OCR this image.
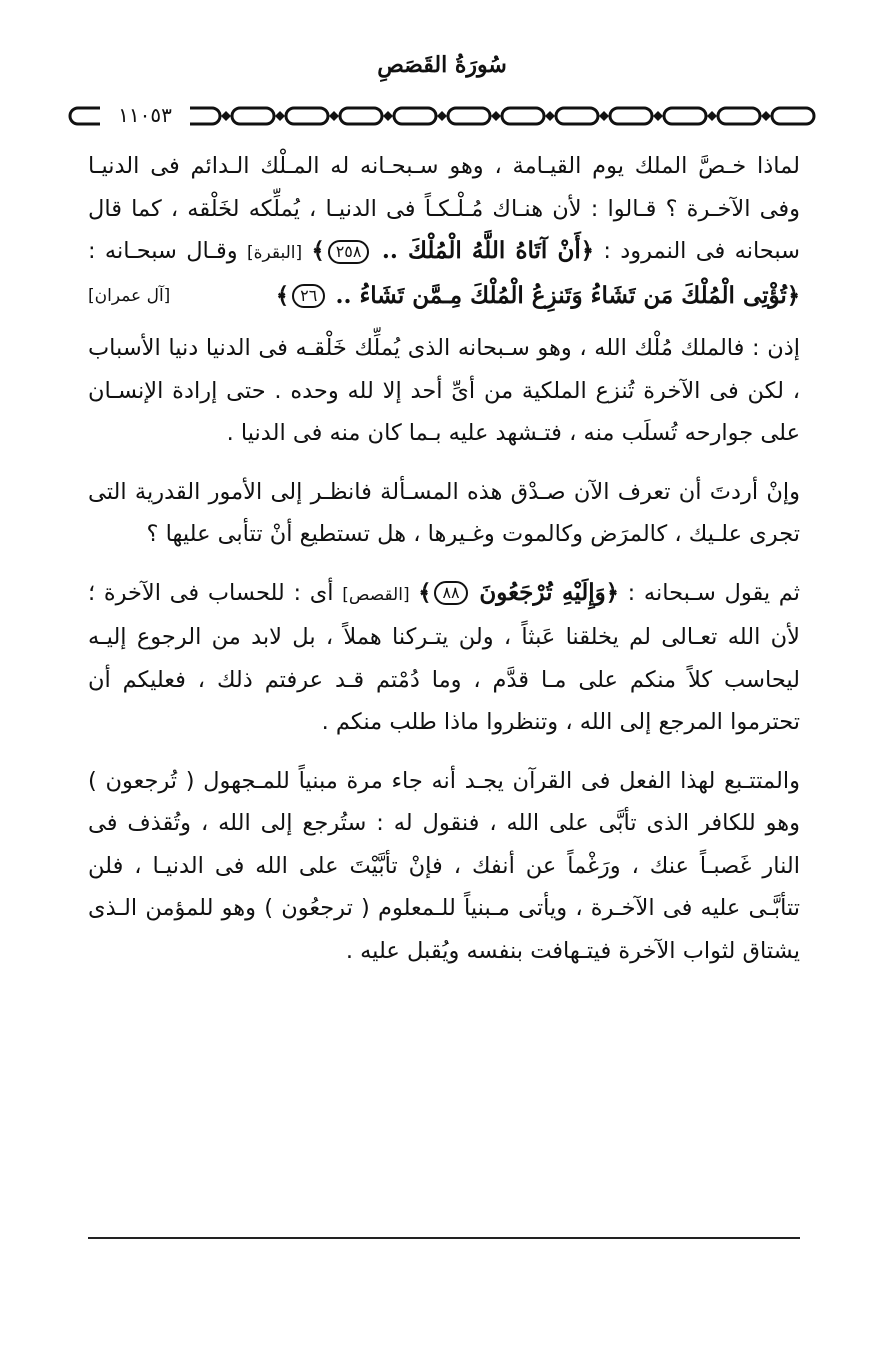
سُورَةُ القَصَصِ
١١٠٥٣

لماذا خـصَّ الملك يوم القيـامة ، وهو سـبحـانه له المـلْك الـدائم فى الدنيـا وفى الآخـرة ؟ قـالوا : لأن هنـاك مُـلْـكـاً فى الدنيـا ، يُملِّكه لخَلْقه ، كما قال سبحانه فى النمرود : ﴿أَنْ آتَاهُ اللَّهُ الْمُلْكَ .. ٢٥٨﴾ [البقرة] وقـال سبحـانه : ﴿تُؤْتِى الْمُلْكَ مَن تَشَاءُ وَتَنزِعُ الْمُلْكَ مِـمَّن تَشَاءُ .. ٢٦﴾
[آل عمران]

إذن : فالملك مُلْك الله ، وهو سـبحانه الذى يُملِّك خَلْقـه فى الدنيا دنيا الأسباب ، لكن فى الآخرة تُنزع الملكية من أىِّ أحد إلا لله وحده . حتى إرادة الإنسـان على جوارحه تُسلَب منه ، فتـشهد عليه بـما كان منه فى الدنيا .

وإنْ أردتَ أن تعرف الآن صـدْق هذه المسـألة فانظـر إلى الأمور القدرية التى تجرى علـيك ، كالمرَض وكالموت وغـيرها ، هل تستطيع أنْ تتأبى عليها ؟

ثم يقول سـبحانه : ﴿وَإِلَيْهِ تُرْجَعُونَ ٨٨﴾ [القصص] أى : للحساب فى الآخرة ؛ لأن الله تعـالى لم يخلقنا عَبثاً ، ولن يتـركنا هملاً ، بل لابد من الرجوع إليـه ليحاسب كلاً منكم على مـا قدَّم ، وما دُمْتم قـد عرفتم ذلك ، فعليكم أن تحترموا المرجع إلى الله ، وتنظروا ماذا طلب منكم .

والمتتـبع لهذا الفعل فى القرآن يجـد أنه جاء مرة مبنياً للمـجهول ( تُرجعون ) وهو للكافر الذى تأبَّى على الله ، فنقول له : ستُرجع إلى الله ، وتُقذف فى النار غَصبـاً عنك ، ورَغْماً عن أنفك ، فإنْ تأبَّيْتَ على الله فى الدنيـا ، فلن تتأبَّـى عليه فى الآخـرة ، ويأتى مـبنياً للـمعلوم ( ترجعُون ) وهو للمؤمن الـذى يشتاق لثواب الآخرة فيتـهافت بنفسه ويُقبل عليه .
